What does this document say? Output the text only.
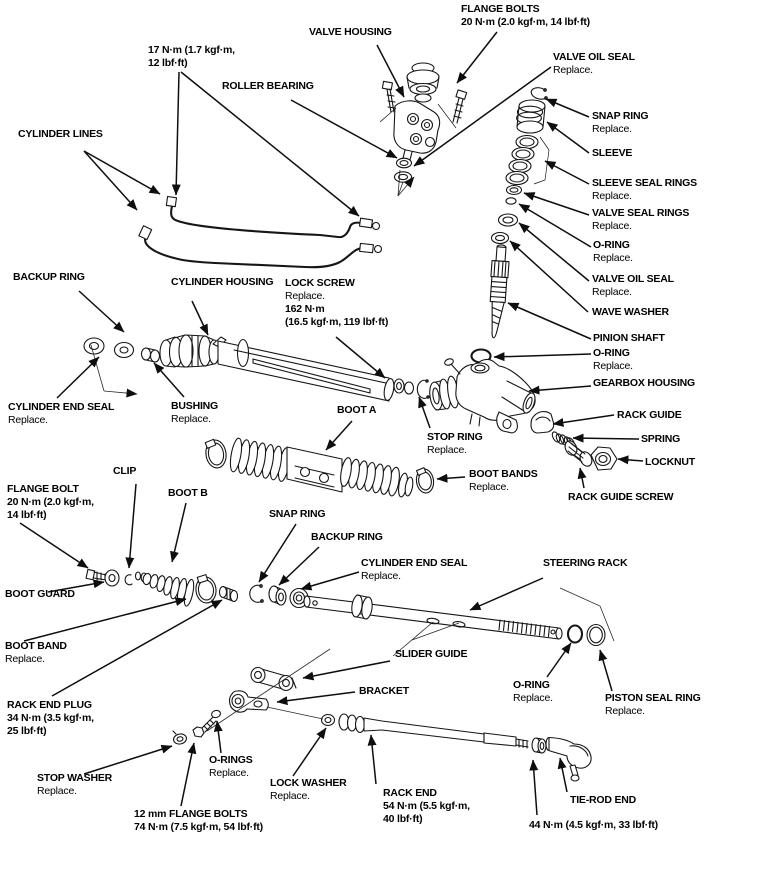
FLANGE BOLTS
20 N·m (2.0 kgf·m, 14 lbf·ft)
VALVE HOUSING
17 N·m (1.7 kgf·m,
12 lbf·ft)	VALVE OIL SEAL
Replace.
ROLLER BEARING
SNAP RING
Replace.
CYLINDER LINES
SLEEVE
SLEEVE SEAL RINGS
Replace.
VALVE SEAL RINGS
Replace.
O-RING
Replace.
VALVE OIL SEAL
Replace.
WAVE WASHER
PINION SHAFT
O-RING
Replace.
GEARBOX HOUSING
BACKUP RING	CYLINDER HOUSING LOCK SCREW
Replace.
162 N·m
(16.5 kgf·m, 119 lbf·ft)
CYLINDER END SEAL
Replace.
BUSHING
Replace.
BOOT A	RACK GUIDE
STOP RING
Replace.
SPRING
LOCKNUT
BOOT BANDS
Replace.
RACK GUIDE SCREW
CLIP
FLANGE BOLT
20 N·m (2.0 kgf·m,
14 lbf·ft)
BOOT B
SNAP RING
BACKUP RING
CYLINDER END SEAL
Replace.
STEERING RACK
BOOT GUARD
BOOT BAND
Replace.	SLIDER GUIDE
RACK END PLUG
34 N·m (3.5 kgf·m,
25 lbf·ft)
BRACKET	O-RING
Replace.	PISTON SEAL RING
Replace.
STOP WASHER
Replace.
O-RINGS
Replace.
LOCK WASHER
Replace.
12 mm FLANGE BOLTS
74 N·m (7.5 kgf·m, 54 lbf·ft)
RACK END
54 N·m (5.5 kgf·m,
40 lbf·ft)
TIE-ROD END
44 N·m (4.5 kgf·m, 33 lbf·ft)
